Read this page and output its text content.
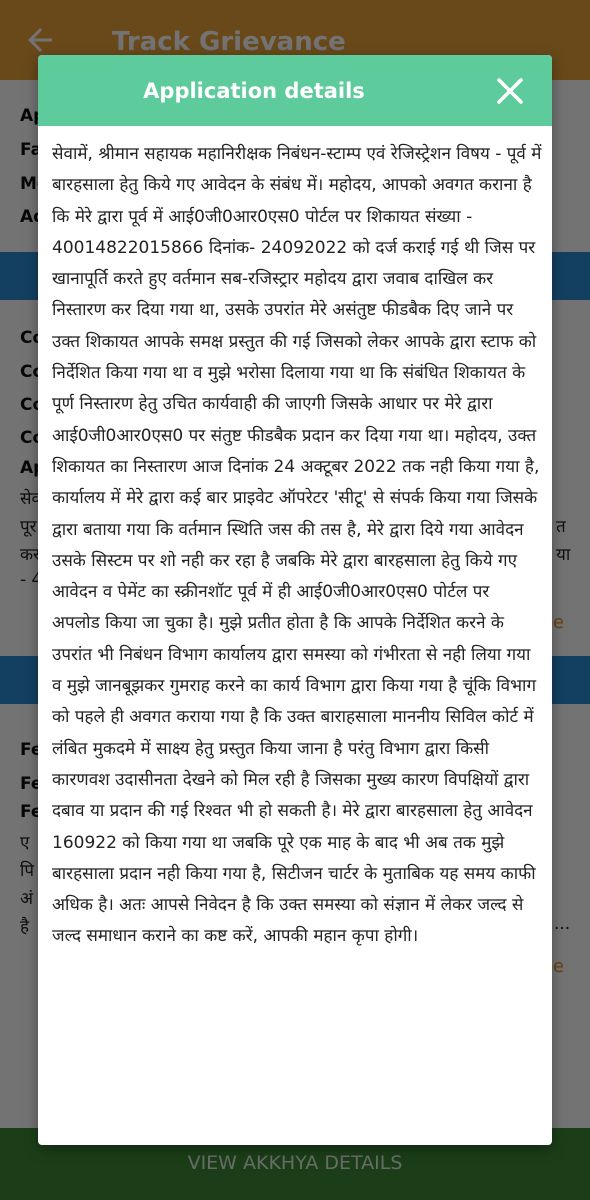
Application details
सेवामें, श्रीमान सहायक महानिरीक्षक निबंधन-स्टाम्प एवं रेजिस्ट्रेशन विषय - पूर्व में बारहसाला हेतु किये गए आवेदन के संबंध में। महोदय, आपको अवगत कराना है कि मेरे द्वारा पूर्व में आई0जी0आर0एस0 पोर्टल पर शिकायत संख्या - 40014822015866 दिनांक- 24092022 को दर्ज कराई गई थी जिस पर खानापूर्ति करते हुए वर्तमान सब-रजिस्ट्रार महोदय द्वारा जवाब दाखिल कर निस्तारण कर दिया गया था, उसके उपरांत मेरे असंतुष्ट फीडबैक दिए जाने पर उक्त शिकायत आपके समक्ष प्रस्तुत की गई जिसको लेकर आपके द्वारा स्टाफ को निर्देशित किया गया था व मुझे भरोसा दिलाया गया था कि संबंधित शिकायत के पूर्ण निस्तारण हेतु उचित कार्यवाही की जाएगी जिसके आधार पर मेरे द्वारा आई0जी0आर0एस0 पर संतुष्ट फीडबैक प्रदान कर दिया गया था। महोदय, उक्त शिकायत का निस्तारण आज दिनांक 24 अक्टूबर 2022 तक नही किया गया है, कार्यालय में मेरे द्वारा कई बार प्राइवेट ऑपरेटर 'सीटू' से संपर्क किया गया जिसके द्वारा बताया गया कि वर्तमान स्थिति जस की तस है, मेरे द्वारा दिये गया आवेदन उसके सिस्टम पर शो नही कर रहा है जबकि मेरे द्वारा बारहसाला हेतु किये गए आवेदन व पेमेंट का स्क्रीनशॉट पूर्व में ही आई0जी0आर0एस0 पोर्टल पर अपलोड किया जा चुका है। मुझे प्रतीत होता है कि आपके निर्देशित करने के उपरांत भी निबंधन विभाग कार्यालय द्वारा समस्या को गंभीरता से नही लिया गया व मुझे जानबूझकर गुमराह करने का कार्य विभाग द्वारा किया गया है चूंकि विभाग को पहले ही अवगत कराया गया है कि उक्त बाराहसाला माननीय सिविल कोर्ट में लंबित मुकदमे में साक्ष्य हेतु प्रस्तुत किया जाना है परंतु विभाग द्वारा किसी कारणवश उदासीनता देखने को मिल रही है जिसका मुख्य कारण विपक्षियों द्वारा दबाव या प्रदान की गई रिश्वत भी हो सकती है। मेरे द्वारा बारहसाला हेतु आवेदन 160922 को किया गया था जबकि पूरे एक माह के बाद भी अब तक मुझे बारहसाला प्रदान नही किया गया है, सिटीजन चार्टर के मुताबिक यह समय काफी अधिक है। अतः आपसे निवेदन है कि उक्त समस्या को संज्ञान में लेकर जल्द से जल्द समाधान कराने का कष्ट करें, आपकी महान कृपा होगी।
